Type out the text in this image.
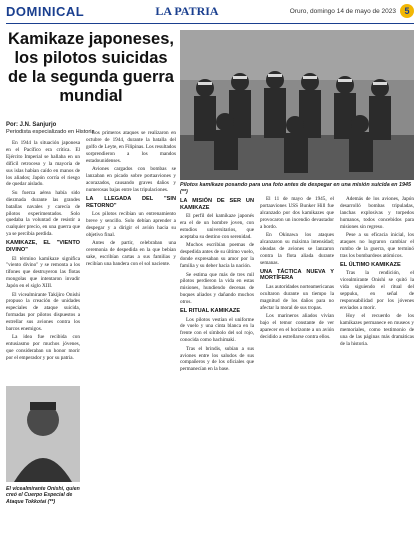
DOMINICAL	LA PATRIA	Oruro, domingo 14 de mayo de 2023 5
Kamikaze japoneses, los pilotos suicidas de la segunda guerra mundial
Por: J.N. Sanjurjo
Periodista especializado en Historia

Pilotos kamikaze posando para una foto antes de despegar en una misión suicida en 1945 (**)

En 1944 la situación japonesa en el Pacífico era crítica. El Ejército Imperial se hallaba en un difícil retroceso y la mayoría de sus islas habían caído en manos de los aliados; Japón corría el riesgo de quedar aislado.

Su fuerza aérea había sido diezmada durante las grandes batallas navales y carecía de pilotos experimentados. Solo quedaba la voluntad de resistir a cualquier precio, en una guerra que ya se percibía perdida.

KAMIKAZE, EL "VIENTO DIVINO"

El término kamikaze significa "viento divino" y se remonta a los tifones que destruyeron las flotas mongolas que intentaron invadir Japón en el siglo XIII.

El vicealmirante Takijiro Onishi propuso la creación de unidades especiales de ataque suicida, formadas por pilotos dispuestos a estrellar sus aviones contra los barcos enemigos.

La idea fue recibida con entusiasmo por muchos jóvenes, que consideraban un honor morir por el emperador y por su patria.

El vicealmirante Onishi, quien creó el Cuerpo Especial de Ataque Tokkotai (**)

Los primeros ataques se realizaron en octubre de 1944, durante la batalla del golfo de Leyte, en Filipinas. Los resultados sorprendieron a los mandos estadounidenses.

Aviones cargados con bombas se lanzaban en picado sobre portaaviones y acorazados, causando graves daños y numerosas bajas entre las tripulaciones.

LA LLEGADA DEL "SIN RETORNO"

Los pilotos recibían un entrenamiento breve y sencillo. Solo debían aprender a despegar y a dirigir el avión hacia su objetivo final.

Antes de partir, celebraban una ceremonia de despedida en la que bebían sake, escribían cartas a sus familias y recibían una bandera con el sol naciente.

LA MISIÓN DE SER UN KAMIKAZE

El perfil del kamikaze japonés era el de un hombre joven, con estudios universitarios, que aceptaba su destino con serenidad.

Muchos escribían poemas de despedida antes de su último vuelo, donde expresaban su amor por la familia y su deber hacia la nación.

Se estima que más de tres mil pilotos perdieron la vida en estas misiones, hundiendo decenas de buques aliados y dañando muchos otros.

EL RITUAL KAMIKAZE

Los pilotos vestían el uniforme de vuelo y una cinta blanca en la frente con el símbolo del sol rojo, conocida como hachimaki.

Tras el brindis, subían a sus aviones entre los saludos de sus compañeros y de los oficiales que permanecían en la base.

El 11 de mayo de 1945, el portaaviones USS Bunker Hill fue alcanzado por dos kamikazes que provocaron un incendio devastador a bordo.

En Okinawa los ataques alcanzaron su máxima intensidad; oleadas de aviones se lanzaron contra la flota aliada durante semanas.

UNA TÁCTICA NUEVA Y MORTÍFERA

Las autoridades norteamericanas ocultaron durante un tiempo la magnitud de los daños para no afectar la moral de sus tropas.

Los marineros aliados vivían bajo el temor constante de ver aparecer en el horizonte a un avión decidido a estrellarse contra ellos.

Además de los aviones, Japón desarrolló bombas tripuladas, lanchas explosivas y torpedos humanos, todos concebidos para misiones sin regreso.

Pese a su eficacia inicial, los ataques no lograron cambiar el rumbo de la guerra, que terminó tras los bombardeos atómicos.

EL ÚLTIMO KAMIKAZE

Tras la rendición, el vicealmirante Onishi se quitó la vida siguiendo el ritual del seppuku, en señal de responsabilidad por los jóvenes enviados a morir.

Hoy el recuerdo de los kamikazes permanece en museos y memoriales, como testimonio de una de las páginas más dramáticas de la historia.
